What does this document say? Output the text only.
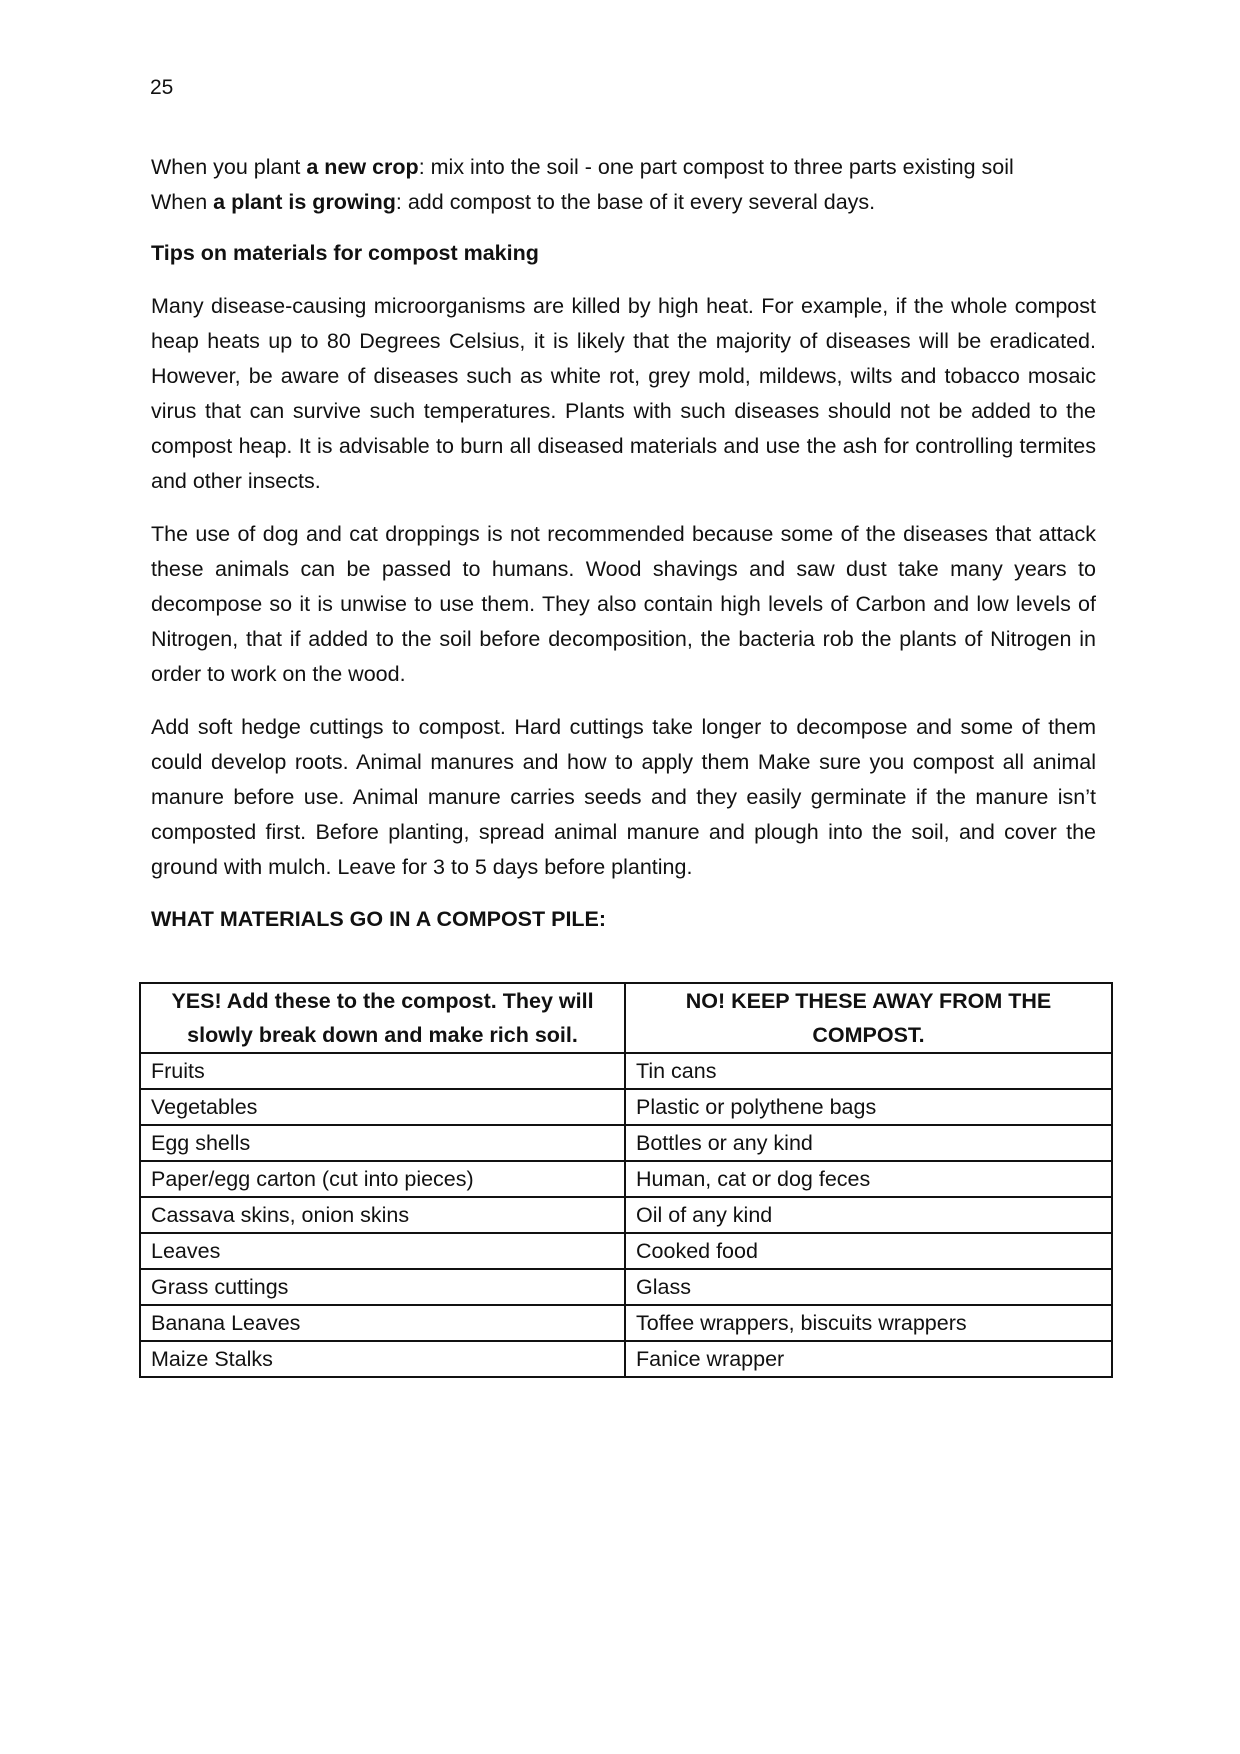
25

When you plant a new crop: mix into the soil - one part compost to three parts existing soil

When a plant is growing: add compost to the base of it every several days.

Tips on materials for compost making

Many disease-causing microorganisms are killed by high heat. For example, if the whole compost heap heats up to 80 Degrees Celsius, it is likely that the majority of diseases will be eradicated. However, be aware of diseases such as white rot, grey mold, mildews, wilts and tobacco mosaic virus that can survive such temperatures. Plants with such diseases should not be added to the compost heap. It is advisable to burn all diseased materials and use the ash for controlling termites and other insects.

The use of dog and cat droppings is not recommended because some of the diseases that attack these animals can be passed to humans. Wood shavings and saw dust take many years to decompose so it is unwise to use them. They also contain high levels of Carbon and low levels of Nitrogen, that if added to the soil before decomposition, the bacteria rob the plants of Nitrogen in order to work on the wood.

Add soft hedge cuttings to compost. Hard cuttings take longer to decompose and some of them could develop roots. Animal manures and how to apply them Make sure you compost all animal manure before use. Animal manure carries seeds and they easily germinate if the manure isn’t composted first. Before planting, spread animal manure and plough into the soil, and cover the ground with mulch. Leave for 3 to 5 days before planting.

WHAT MATERIALS GO IN A COMPOST PILE:

YES! Add these to the compost. They will slowly break down and make rich soil.	NO! KEEP THESE AWAY FROM THE COMPOST.
Fruits	Tin cans
Vegetables	Plastic or polythene bags
Egg shells	Bottles or any kind
Paper/egg carton (cut into pieces)	Human, cat or dog feces
Cassava skins, onion skins	Oil of any kind
Leaves	Cooked food
Grass cuttings	Glass
Banana Leaves	Toffee wrappers, biscuits wrappers
Maize Stalks	Fanice wrapper
